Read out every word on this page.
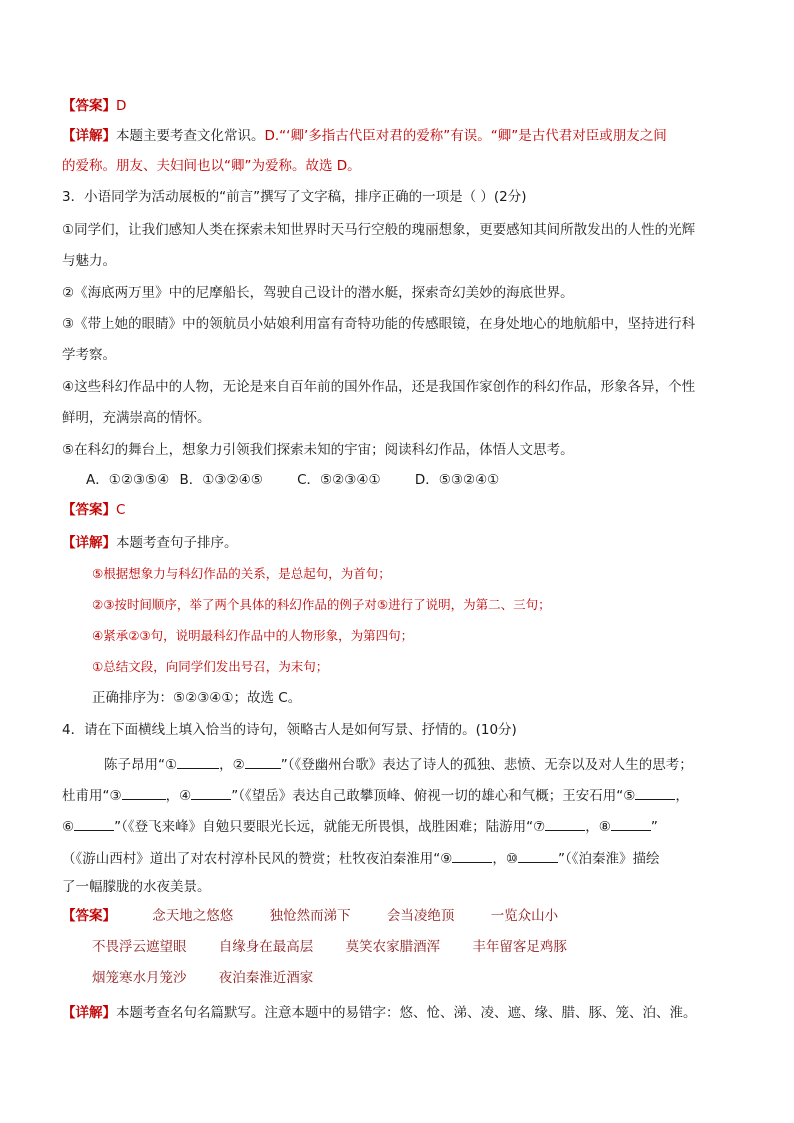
【答案】D
【详解】本题主要考查文化常识。D.“‘卿’多指古代臣对君的爱称”有误。“卿”是古代君对臣或朋友之间
的爱称。朋友、夫妇间也以“卿”为爱称。故选 D。
3．小语同学为活动展板的“前言”撰写了文字稿，排序正确的一项是（ ）(2分)
①同学们，让我们感知人类在探索未知世界时天马行空般的瑰丽想象，更要感知其间所散发出的人性的光辉
与魅力。
②《海底两万里》中的尼摩船长，驾驶自己设计的潜水艇，探索奇幻美妙的海底世界。
③《带上她的眼睛》中的领航员小姑娘利用富有奇特功能的传感眼镜，在身处地心的地航船中，坚持进行科
学考察。
④这些科幻作品中的人物，无论是来自百年前的国外作品，还是我国作家创作的科幻作品，形象各异，个性
鲜明，充满崇高的情怀。
⑤在科幻的舞台上，想象力引领我们探索未知的宇宙；阅读科幻作品，体悟人文思考。
A．①②③⑤④ B．①③②④⑤	C．⑤②③④①	D．⑤③②④①
【答案】C
【详解】本题考查句子排序。
⑤根据想象力与科幻作品的关系，是总起句，为首句；
②③按时间顺序，举了两个具体的科幻作品的例子对⑤进行了说明，为第二、三句；
④紧承②③句，说明最科幻作品中的人物形象，为第四句；
①总结文段，向同学们发出号召，为末句；
正确排序为：⑤②③④①；故选 C。
4．请在下面横线上填入恰当的诗句，领略古人是如何写景、抒情的。(10分)
陈子昂用“①	，②	”（《登幽州台歌》表达了诗人的孤独、悲愤、无奈以及对人生的思考；
杜甫用“③	，④	”（《望岳》表达自己敢攀顶峰、俯视一切的雄心和气概；王安石用“⑤	，
⑥	”（《登飞来峰》自勉只要眼光长远，就能无所畏惧，战胜困难；陆游用“⑦	，⑧	”
（《游山西村》道出了对农村淳朴民风的赞赏；杜牧夜泊秦淮用“⑨	，⑩	”（《泊秦淮》描绘
了一幅朦胧的水夜美景。
【答案】	念天地之悠悠	独怆然而涕下	会当凌绝顶	一览众山小
不畏浮云遮望眼 自缘身在最高层 莫笑农家腊酒浑 丰年留客足鸡豚
烟笼寒水月笼沙 夜泊秦淮近酒家
【详解】本题考查名句名篇默写。注意本题中的易错字：悠、怆、涕、凌、遮、缘、腊、豚、笼、泊、淮。
